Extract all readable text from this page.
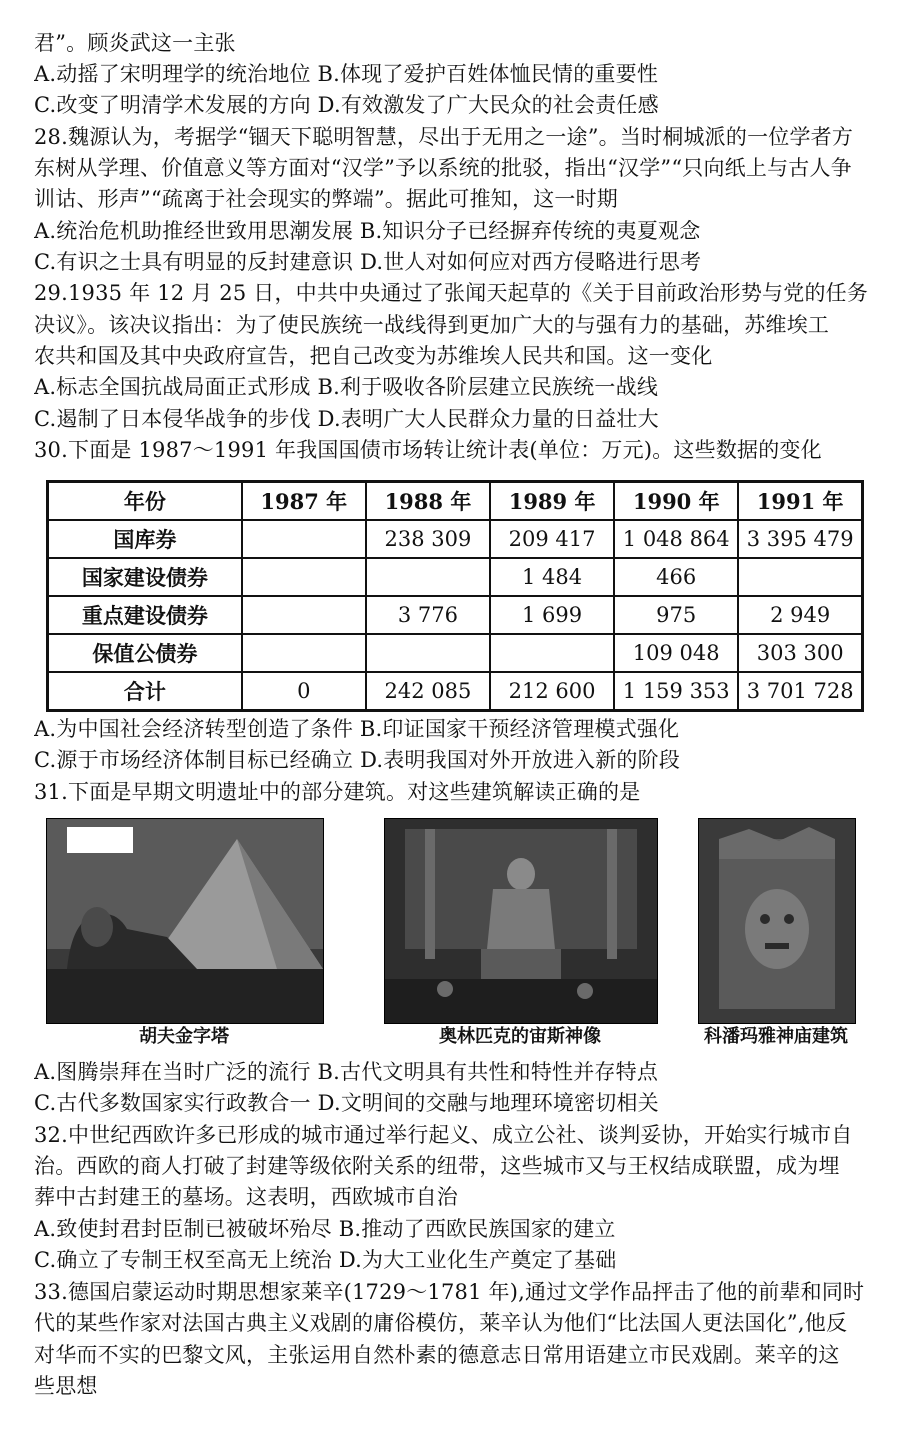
君”。顾炎武这一主张
A.动摇了宋明理学的统治地位 B.体现了爱护百姓体恤民情的重要性
C.改变了明清学术发展的方向 D.有效激发了广大民众的社会责任感
28.魏源认为，考据学“锢天下聪明智慧，尽出于无用之一途”。当时桐城派的一位学者方
东树从学理、价值意义等方面对“汉学”予以系统的批驳，指出“汉学”“只向纸上与古人争
训诂、形声”“疏离于社会现实的弊端”。据此可推知，这一时期
A.统治危机助推经世致用思潮发展 B.知识分子已经摒弃传统的夷夏观念
C.有识之士具有明显的反封建意识 D.世人对如何应对西方侵略进行思考
29.1935 年 12 月 25 日，中共中央通过了张闻天起草的《关于目前政治形势与党的任务
决议》。该决议指出：为了使民族统一战线得到更加广大的与强有力的基础，苏维埃工
农共和国及其中央政府宣告，把自己改变为苏维埃人民共和国。这一变化
A.标志全国抗战局面正式形成 B.利于吸收各阶层建立民族统一战线
C.遏制了日本侵华战争的步伐 D.表明广大人民群众力量的日益壮大
30.下面是 1987～1991 年我国国债市场转让统计表(单位：万元)。这些数据的变化
年份	1987 年	1988 年	1989 年	1990 年	1991 年
国库券		238 309	209 417	1 048 864	3 395 479
国家建设债券			1 484	466	
重点建设债券		3 776	1 699	975	2 949
保值公债券				109 048	303 300
合计	0	242 085	212 600	1 159 353	3 701 728
A.为中国社会经济转型创造了条件 B.印证国家干预经济管理模式强化
C.源于市场经济体制目标已经确立 D.表明我国对外开放进入新的阶段
31.下面是早期文明遗址中的部分建筑。对这些建筑解读正确的是
胡夫金字塔	奥林匹克的宙斯神像	科潘玛雅神庙建筑
A.图腾崇拜在当时广泛的流行 B.古代文明具有共性和特性并存特点
C.古代多数国家实行政教合一 D.文明间的交融与地理环境密切相关
32.中世纪西欧许多已形成的城市通过举行起义、成立公社、谈判妥协，开始实行城市自
治。西欧的商人打破了封建等级依附关系的纽带，这些城市又与王权结成联盟，成为埋
葬中古封建王的墓场。这表明，西欧城市自治
A.致使封君封臣制已被破坏殆尽 B.推动了西欧民族国家的建立
C.确立了专制王权至高无上统治 D.为大工业化生产奠定了基础
33.德国启蒙运动时期思想家莱辛(1729～1781 年),通过文学作品抨击了他的前辈和同时
代的某些作家对法国古典主义戏剧的庸俗模仿，莱辛认为他们“比法国人更法国化”,他反
对华而不实的巴黎文风，主张运用自然朴素的德意志日常用语建立市民戏剧。莱辛的这
些思想
